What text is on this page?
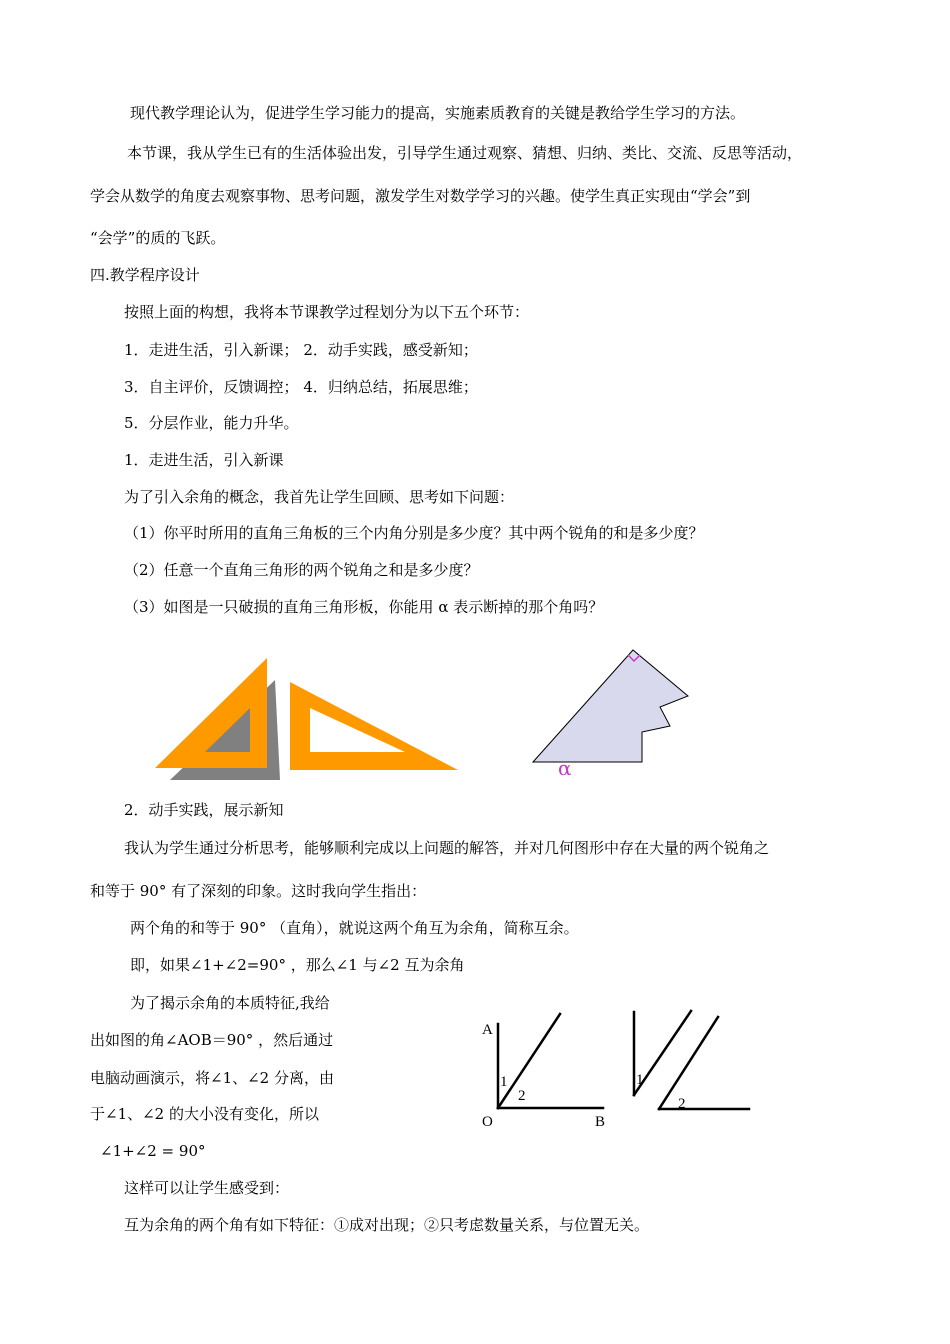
现代教学理论认为，促进学生学习能力的提高，实施素质教育的关键是教给学生学习的方法。
本节课，我从学生已有的生活体验出发，引导学生通过观察、猜想、归纳、类比、交流、反思等活动，
学会从数学的角度去观察事物、思考问题，激发学生对数学学习的兴趣。使学生真正实现由“学会”到
“会学”的质的飞跃。
四.教学程序设计
按照上面的构想，我将本节课教学过程划分为以下五个环节：
1．走进生活，引入新课； 2．动手实践，感受新知；
3．自主评价，反馈调控； 4．归纳总结，拓展思维；
5．分层作业，能力升华。
1．走进生活，引入新课
为了引入余角的概念，我首先让学生回顾、思考如下问题：
（1）你平时所用的直角三角板的三个内角分别是多少度？其中两个锐角的和是多少度？
（2）任意一个直角三角形的两个锐角之和是多少度？
（3）如图是一只破损的直角三角形板，你能用 α 表示断掉的那个角吗？
α
2．动手实践，展示新知
我认为学生通过分析思考，能够顺利完成以上问题的解答，并对几何图形中存在大量的两个锐角之
和等于 90° 有了深刻的印象。这时我向学生指出：
两个角的和等于 90° （直角），就说这两个角互为余角，简称互余。
即，如果∠1+∠2=90° ，那么∠1 与∠2 互为余角
为了揭示余角的本质特征,我给
出如图的角∠AOB＝90° ，然后通过
电脑动画演示，将∠1、∠2 分离，由
于∠1、∠2 的大小没有变化，所以
∠1+∠2 = 90°
A
1
2
O	B
1
2
这样可以让学生感受到：
互为余角的两个角有如下特征：①成对出现；②只考虑数量关系，与位置无关。
